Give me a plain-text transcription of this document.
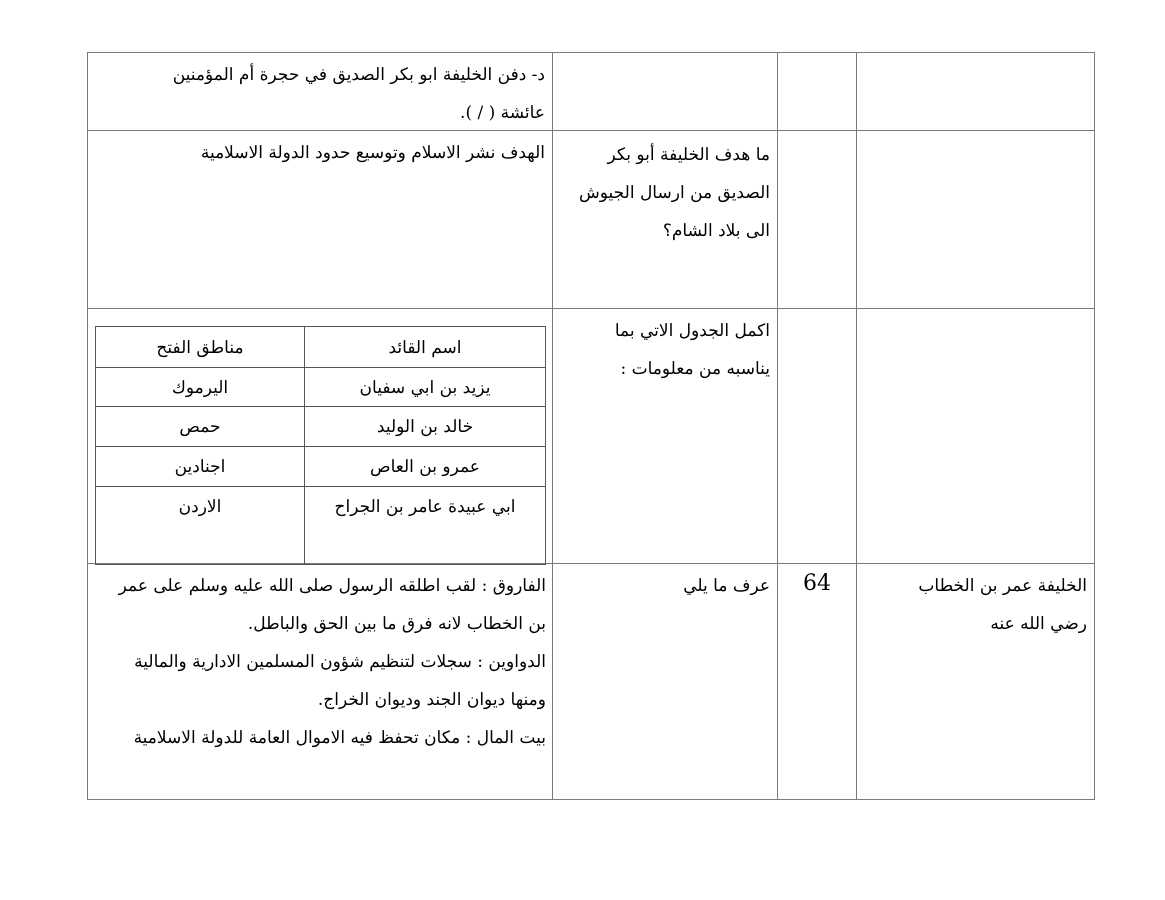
د- دفن الخليفة ابو بكر الصديق في حجرة أم المؤمنين
عائشة ( / ).
ما هدف الخليفة أبو بكر
الصديق من ارسال الجيوش
الى بلاد الشام؟
الهدف نشر الاسلام وتوسيع حدود الدولة الاسلامية
اكمل الجدول الاتي بما
يناسبه من معلومات :
اسم القائد
مناطق الفتح
يزيد بن ابي سفيان
اليرموك
خالد بن الوليد
حمص
عمرو بن العاص
اجنادين
ابي عبيدة عامر بن الجراح
الاردن
الخليفة عمر بن الخطاب
رضي الله عنه
64
عرف ما يلي
الفاروق : لقب اطلقه الرسول صلى الله عليه وسلم على عمر
بن الخطاب لانه فرق ما بين الحق والباطل.
الدواوين : سجلات لتنظيم شؤون المسلمين الادارية والمالية
ومنها ديوان الجند وديوان الخراج.
بيت المال : مكان تحفظ فيه الاموال العامة للدولة الاسلامية
